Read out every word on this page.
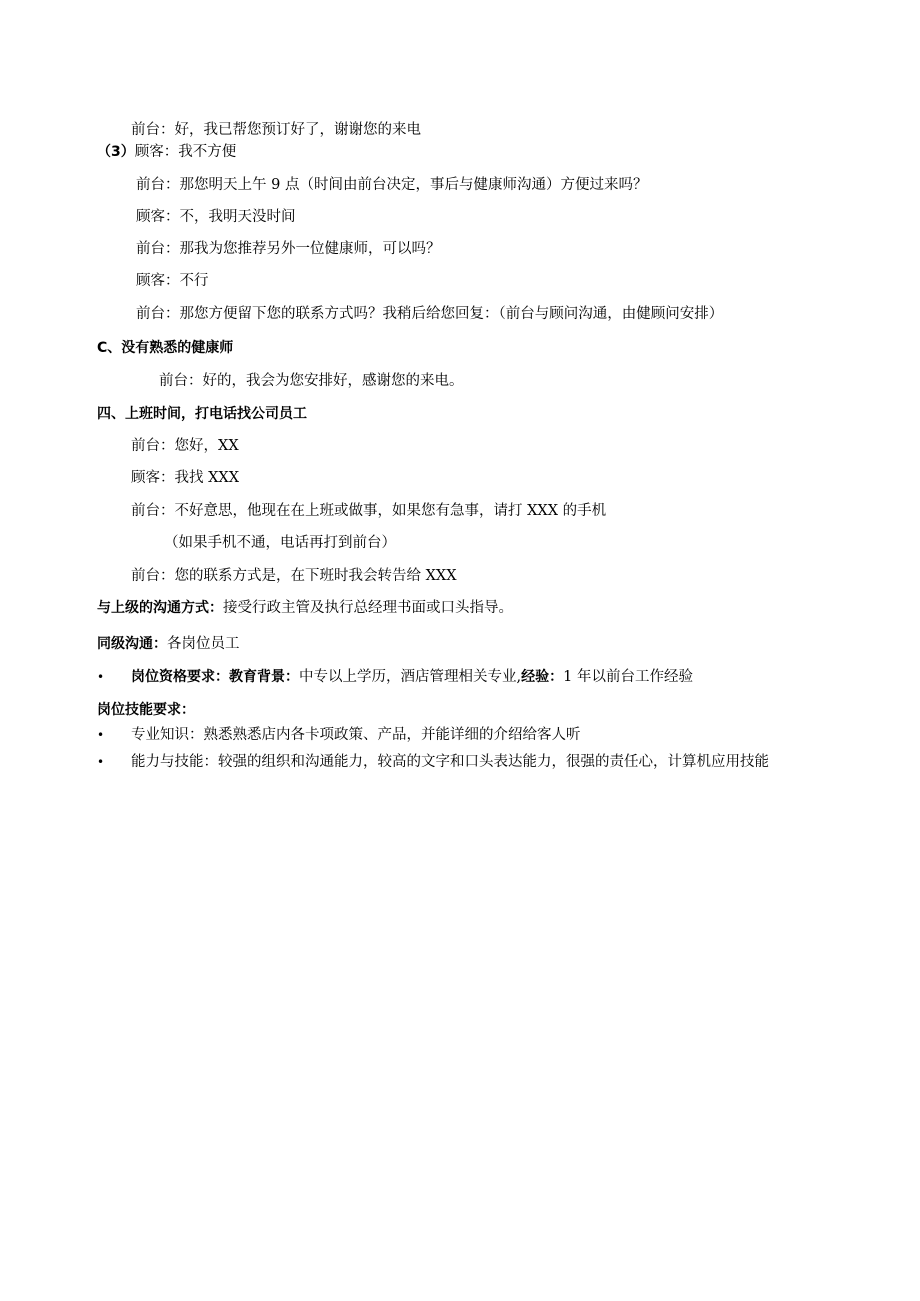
前台：好，我已帮您预订好了，谢谢您的来电
（3）顾客：我不方便
前台：那您明天上午 9 点（时间由前台决定，事后与健康师沟通）方便过来吗？
顾客：不，我明天没时间
前台：那我为您推荐另外一位健康师，可以吗？
顾客：不行
前台：那您方便留下您的联系方式吗？我稍后给您回复：（前台与顾问沟通，由健顾问安排）
C、没有熟悉的健康师
前台：好的，我会为您安排好，感谢您的来电。
四、上班时间，打电话找公司员工
前台：您好，XX
顾客：我找 XXX
前台：不好意思，他现在在上班或做事，如果您有急事，请打 XXX 的手机
（如果手机不通，电话再打到前台）
前台：您的联系方式是，在下班时我会转告给 XXX
与上级的沟通方式：接受行政主管及执行总经理书面或口头指导。
同级沟通：各岗位员工
• 岗位资格要求：教育背景：中专以上学历，酒店管理相关专业,经验：1 年以前台工作经验
岗位技能要求：
• 专业知识：熟悉熟悉店内各卡项政策、产品，并能详细的介绍给客人听
• 能力与技能：较强的组织和沟通能力，较高的文字和口头表达能力，很强的责任心，计算机应用技能
